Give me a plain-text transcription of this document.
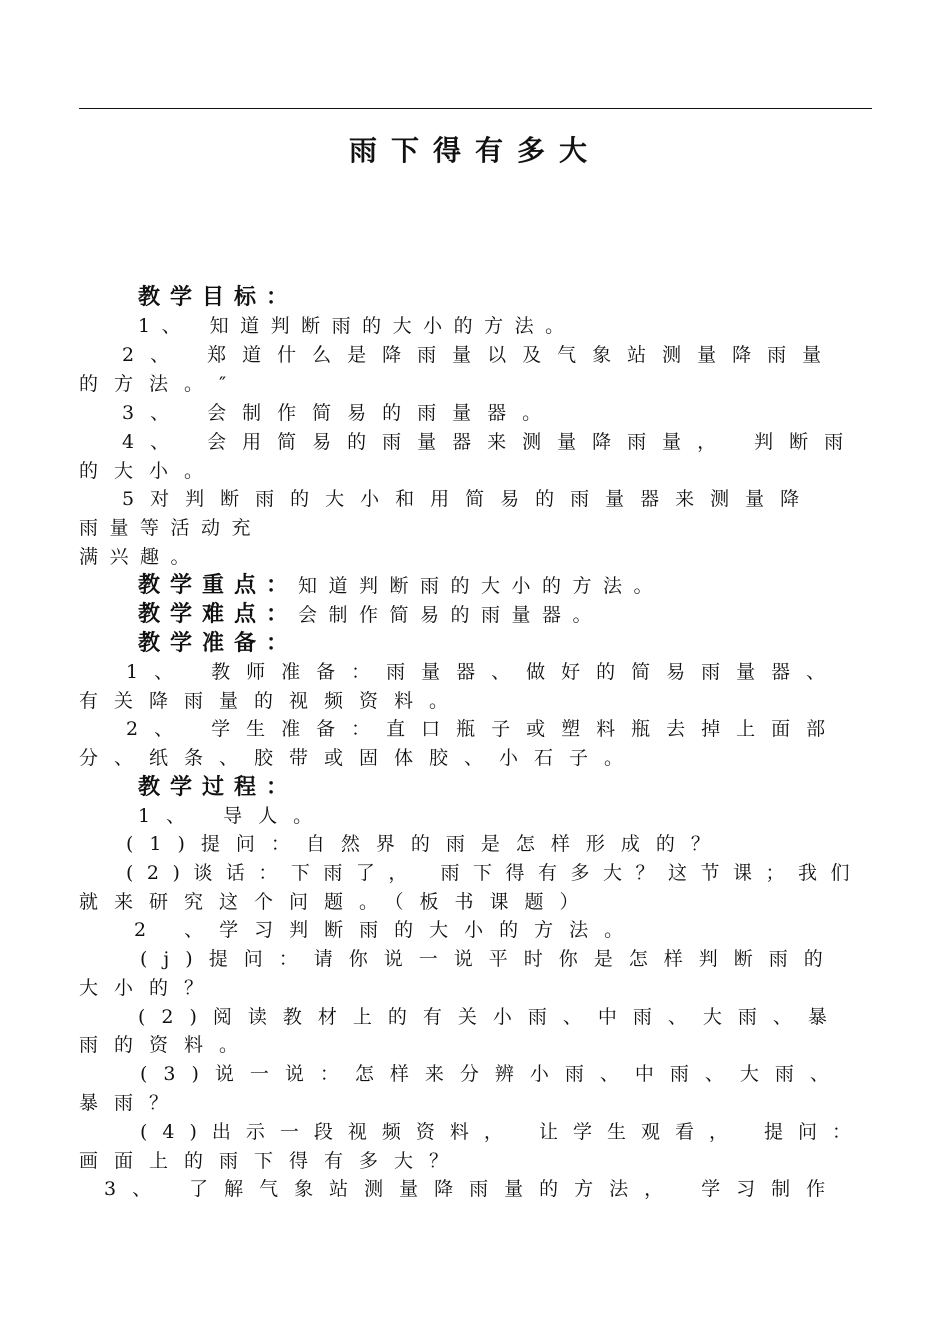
雨下得有多大
教学目标：
1、 知道判断雨的大小的方法。
2、 郑道什么是降雨量以及气象站测量降雨量
的方法。″
3、 会制作简易的雨量器。
4、 会用简易的雨量器来测量降雨量， 判断雨
的大小。
5对判断雨的大小和用简易的雨量器来测量降
雨量等活动充
满兴趣。
教学重点：知道判断雨的大小的方法。
教学难点：会制作简易的雨量器。
教学准备：
1、 教师准备：雨量器、做好的简易雨量器、
有关降雨量的视频资料。
2、 学生准备：直口瓶子或塑料瓶去掉上面部
分、纸条、胶带或固体胶、小石子。
教学过程：
1、 导人。
(1)提问：自然界的雨是怎样形成的？
(2)谈话：下雨了， 雨下得有多大？这节课；我们
就来研究这个问题。（板书课题）
2 、学习判断雨的大小的方法。
(j)提问：请你说一说平时你是怎样判断雨的
大小的？
(2)阅读教材上的有关小雨、中雨、大雨、暴
雨的资料。
(3)说一说：怎样来分辨小雨、中雨、大雨、
暴雨？
(4)出示一段视频资料， 让学生观看， 提问：
画面上的雨下得有多大？
3、 了解气象站测量降雨量的方法， 学习制作
